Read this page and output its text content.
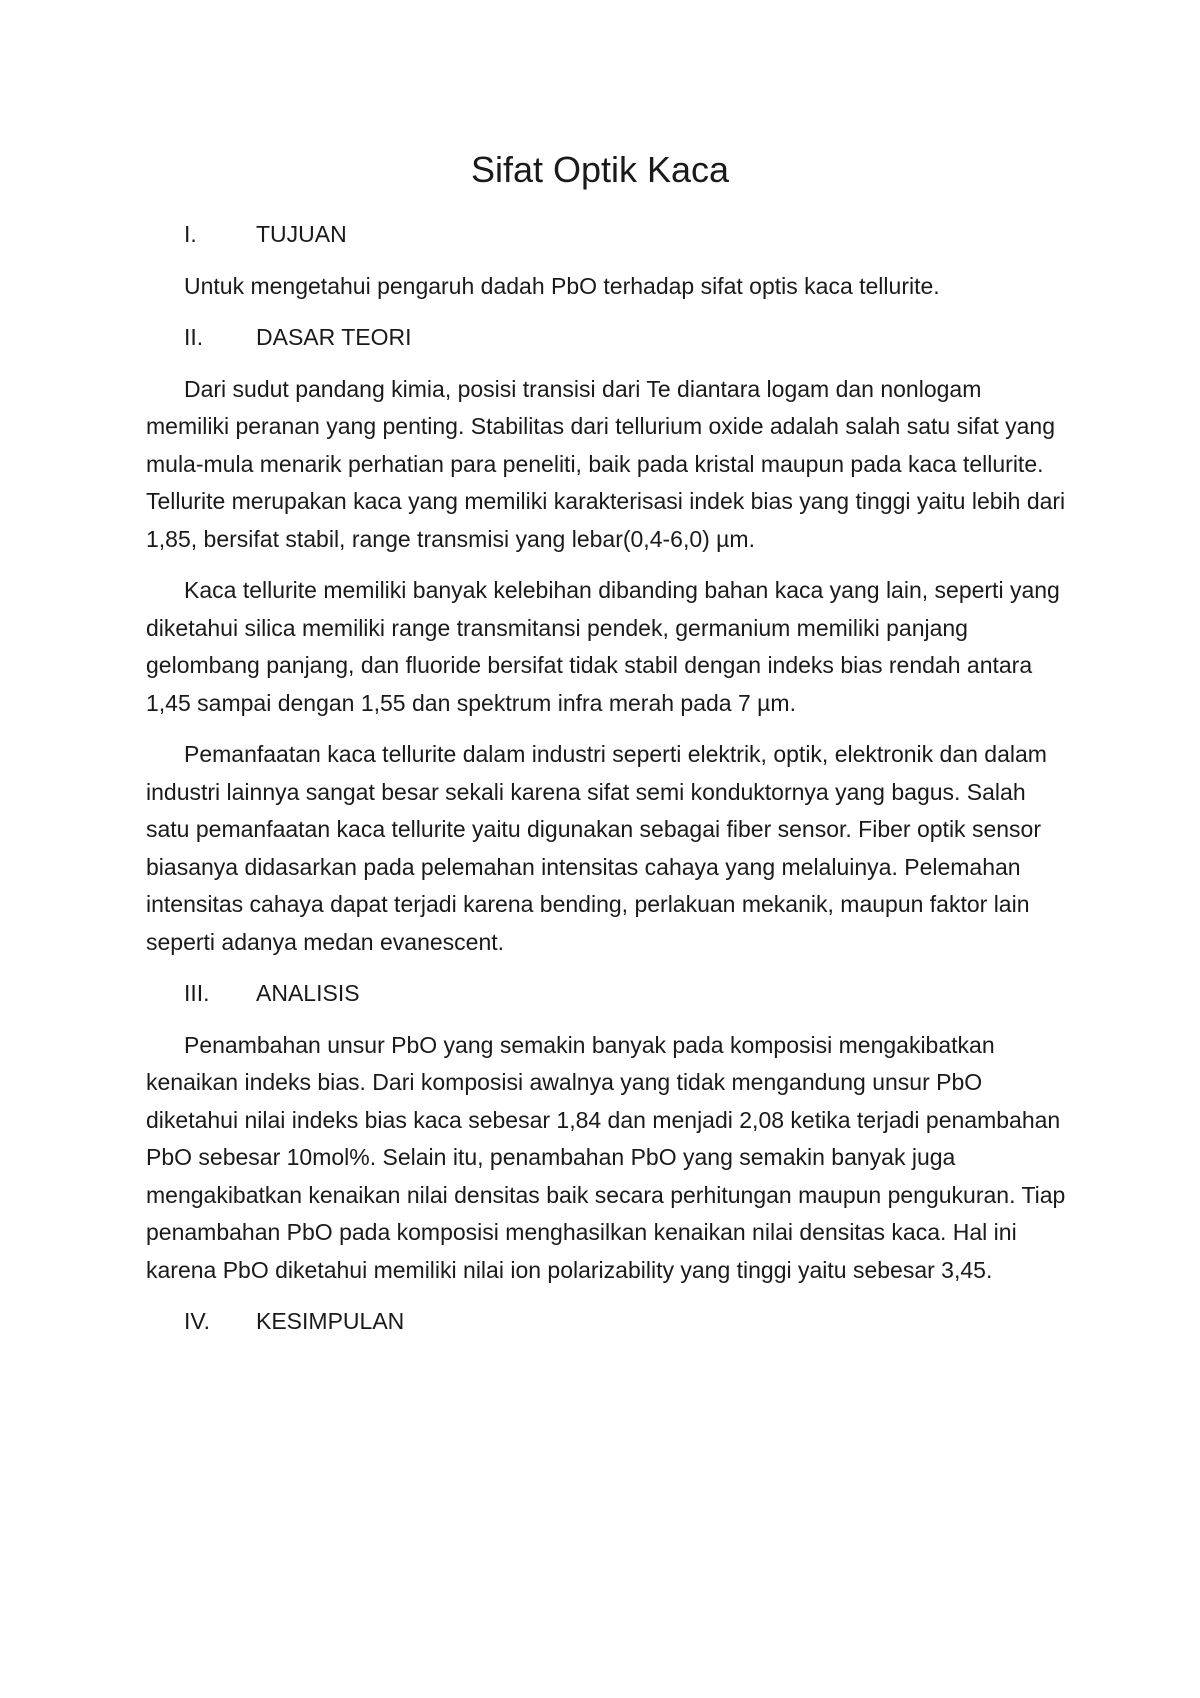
Sifat Optik Kaca
I.	TUJUAN

Untuk mengetahui pengaruh dadah PbO terhadap sifat optis kaca tellurite.

II. DASAR TEORI

Dari sudut pandang kimia, posisi transisi dari Te diantara logam dan nonlogam memiliki peranan yang penting. Stabilitas dari tellurium oxide adalah salah satu sifat yang mula-mula menarik perhatian para peneliti, baik pada kristal maupun pada kaca tellurite. Tellurite merupakan kaca yang memiliki karakterisasi indek bias yang tinggi yaitu lebih dari 1,85, bersifat stabil, range transmisi yang lebar(0,4-6,0) µm.

Kaca tellurite memiliki banyak kelebihan dibanding bahan kaca yang lain, seperti yang diketahui silica memiliki range transmitansi pendek, germanium memiliki panjang gelombang panjang, dan fluoride bersifat tidak stabil dengan indeks bias rendah antara 1,45 sampai dengan 1,55 dan spektrum infra merah pada 7 µm.

Pemanfaatan kaca tellurite dalam industri seperti elektrik, optik, elektronik dan dalam industri lainnya sangat besar sekali karena sifat semi konduktornya yang bagus. Salah satu pemanfaatan kaca tellurite yaitu digunakan sebagai fiber sensor. Fiber optik sensor biasanya didasarkan pada pelemahan intensitas cahaya yang melaluinya. Pelemahan intensitas cahaya dapat terjadi karena bending, perlakuan mekanik, maupun faktor lain seperti adanya medan evanescent.

III. ANALISIS

Penambahan unsur PbO yang semakin banyak pada komposisi mengakibatkan kenaikan indeks bias. Dari komposisi awalnya yang tidak mengandung unsur PbO diketahui nilai indeks bias kaca sebesar 1,84 dan menjadi 2,08 ketika terjadi penambahan PbO sebesar 10mol%. Selain itu, penambahan PbO yang semakin banyak juga mengakibatkan kenaikan nilai densitas baik secara perhitungan maupun pengukuran. Tiap penambahan PbO pada komposisi menghasilkan kenaikan nilai densitas kaca. Hal ini karena PbO diketahui memiliki nilai ion polarizability yang tinggi yaitu sebesar 3,45.

IV. KESIMPULAN
